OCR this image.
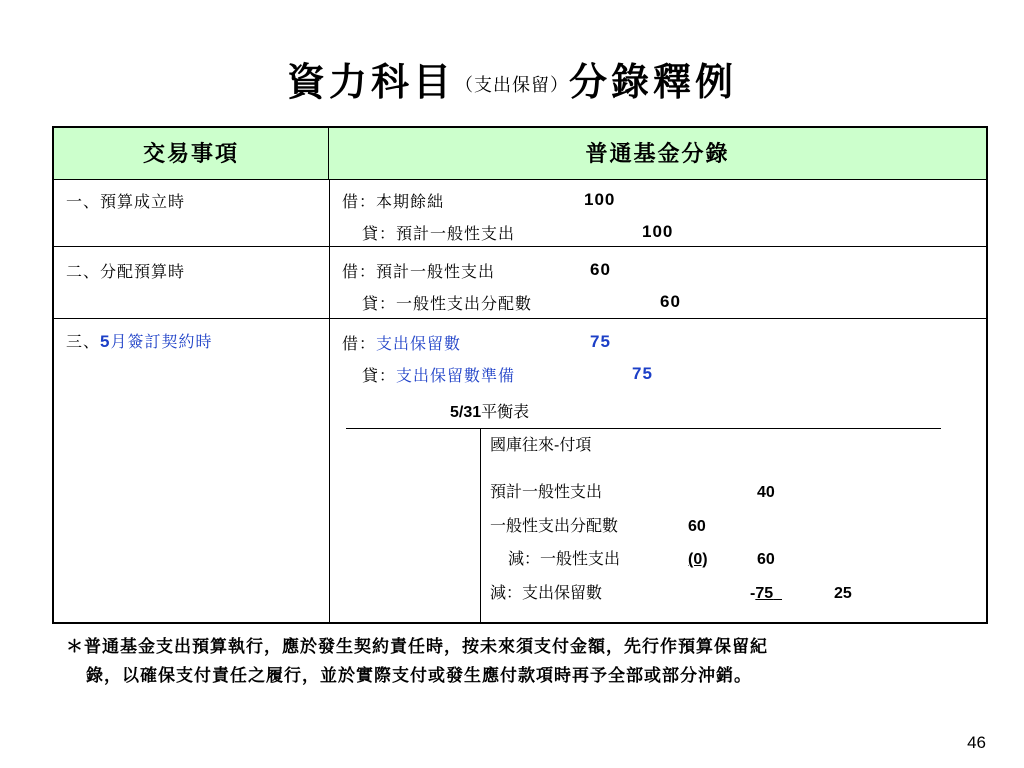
資力科目（支出保留）分錄釋例
交易事項	普通基金分錄
一、預算成立時	借：本期餘絀	100
貸：預計一般性支出	100
二、分配預算時	借：預計一般性支出	60
貸：一般性支出分配數	60
三、5月簽訂契約時	借：支出保留數	75
貸：支出保留數準備	75
5/31平衡表
國庫往來-付項
預計一般性支出	40
一般性支出分配數	60
減：一般性支出	(0)	60
減：支出保留數	-75	25
＊普通基金支出預算執行，應於發生契約責任時，按未來須支付金額，先行作預算保留紀
錄，以確保支付責任之履行，並於實際支付或發生應付款項時再予全部或部分沖銷。
46
